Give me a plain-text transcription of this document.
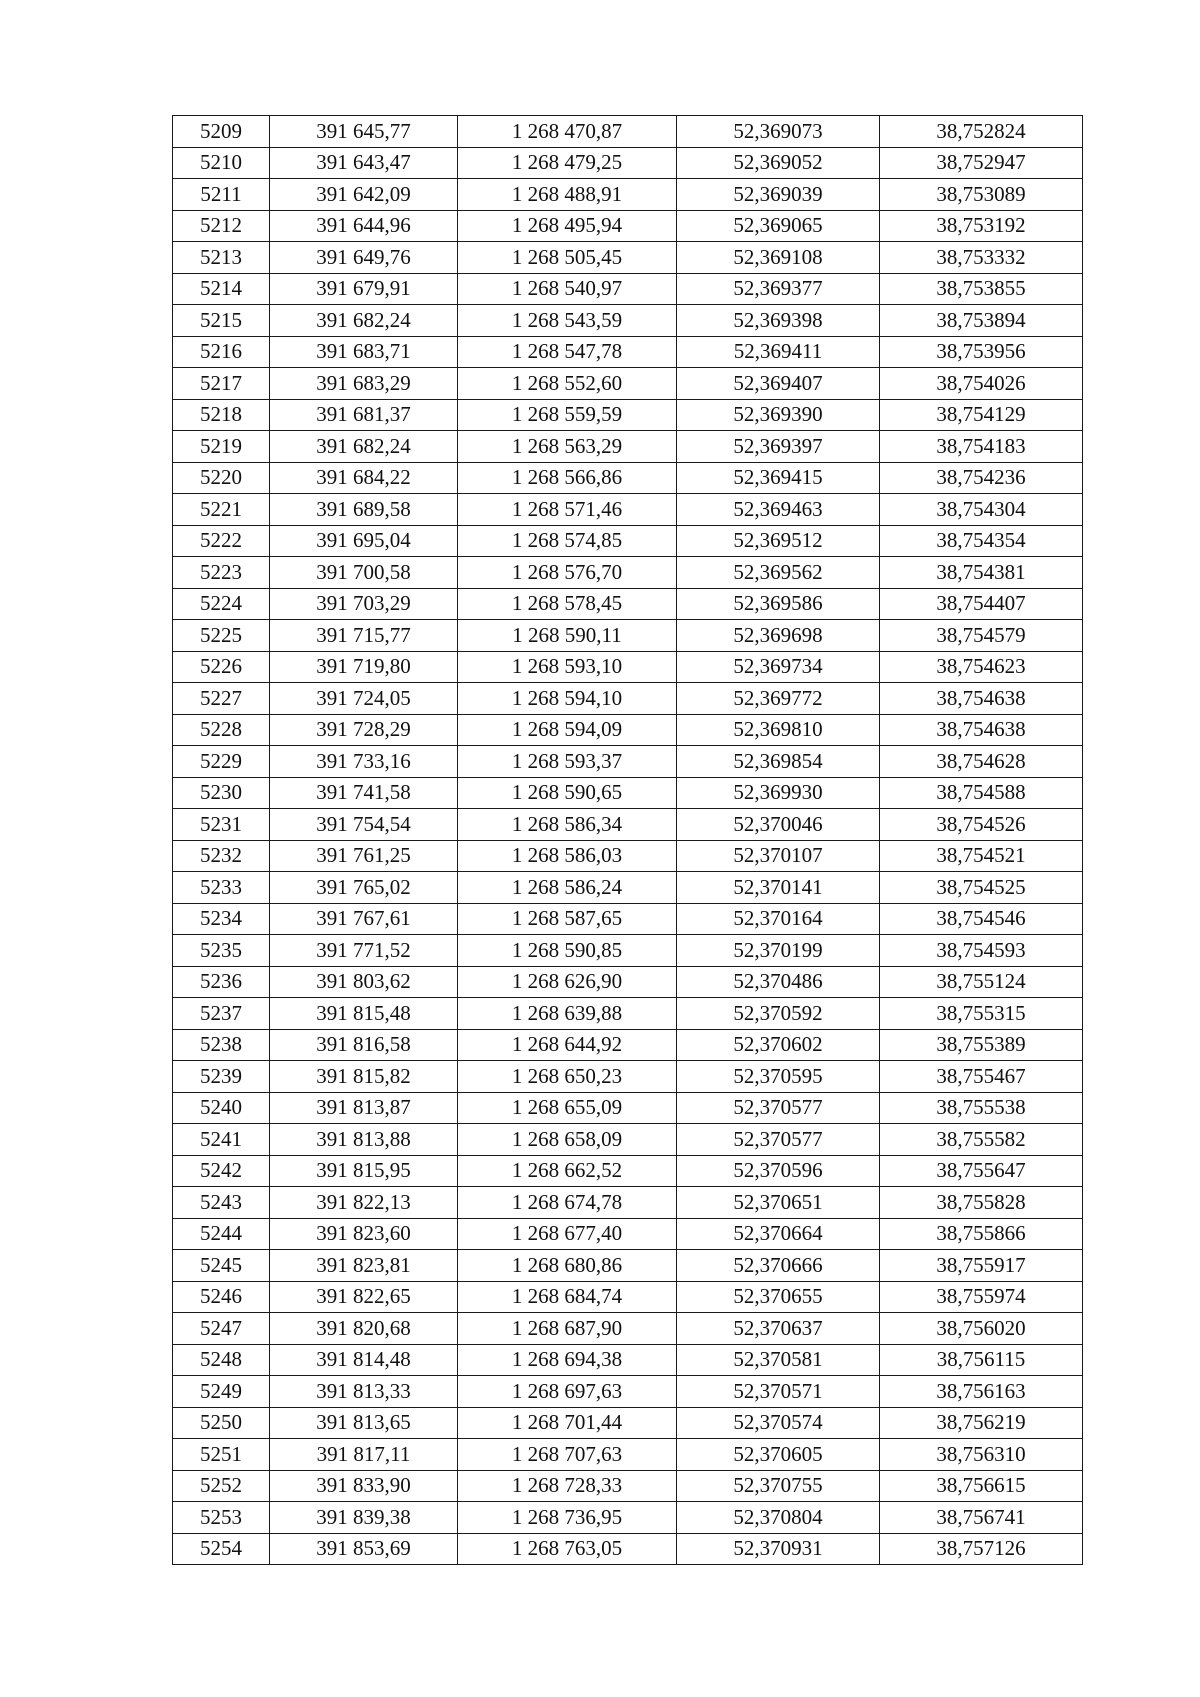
5209	391 645,77	1 268 470,87	52,369073	38,752824
5210	391 643,47	1 268 479,25	52,369052	38,752947
5211	391 642,09	1 268 488,91	52,369039	38,753089
5212	391 644,96	1 268 495,94	52,369065	38,753192
5213	391 649,76	1 268 505,45	52,369108	38,753332
5214	391 679,91	1 268 540,97	52,369377	38,753855
5215	391 682,24	1 268 543,59	52,369398	38,753894
5216	391 683,71	1 268 547,78	52,369411	38,753956
5217	391 683,29	1 268 552,60	52,369407	38,754026
5218	391 681,37	1 268 559,59	52,369390	38,754129
5219	391 682,24	1 268 563,29	52,369397	38,754183
5220	391 684,22	1 268 566,86	52,369415	38,754236
5221	391 689,58	1 268 571,46	52,369463	38,754304
5222	391 695,04	1 268 574,85	52,369512	38,754354
5223	391 700,58	1 268 576,70	52,369562	38,754381
5224	391 703,29	1 268 578,45	52,369586	38,754407
5225	391 715,77	1 268 590,11	52,369698	38,754579
5226	391 719,80	1 268 593,10	52,369734	38,754623
5227	391 724,05	1 268 594,10	52,369772	38,754638
5228	391 728,29	1 268 594,09	52,369810	38,754638
5229	391 733,16	1 268 593,37	52,369854	38,754628
5230	391 741,58	1 268 590,65	52,369930	38,754588
5231	391 754,54	1 268 586,34	52,370046	38,754526
5232	391 761,25	1 268 586,03	52,370107	38,754521
5233	391 765,02	1 268 586,24	52,370141	38,754525
5234	391 767,61	1 268 587,65	52,370164	38,754546
5235	391 771,52	1 268 590,85	52,370199	38,754593
5236	391 803,62	1 268 626,90	52,370486	38,755124
5237	391 815,48	1 268 639,88	52,370592	38,755315
5238	391 816,58	1 268 644,92	52,370602	38,755389
5239	391 815,82	1 268 650,23	52,370595	38,755467
5240	391 813,87	1 268 655,09	52,370577	38,755538
5241	391 813,88	1 268 658,09	52,370577	38,755582
5242	391 815,95	1 268 662,52	52,370596	38,755647
5243	391 822,13	1 268 674,78	52,370651	38,755828
5244	391 823,60	1 268 677,40	52,370664	38,755866
5245	391 823,81	1 268 680,86	52,370666	38,755917
5246	391 822,65	1 268 684,74	52,370655	38,755974
5247	391 820,68	1 268 687,90	52,370637	38,756020
5248	391 814,48	1 268 694,38	52,370581	38,756115
5249	391 813,33	1 268 697,63	52,370571	38,756163
5250	391 813,65	1 268 701,44	52,370574	38,756219
5251	391 817,11	1 268 707,63	52,370605	38,756310
5252	391 833,90	1 268 728,33	52,370755	38,756615
5253	391 839,38	1 268 736,95	52,370804	38,756741
5254	391 853,69	1 268 763,05	52,370931	38,757126
